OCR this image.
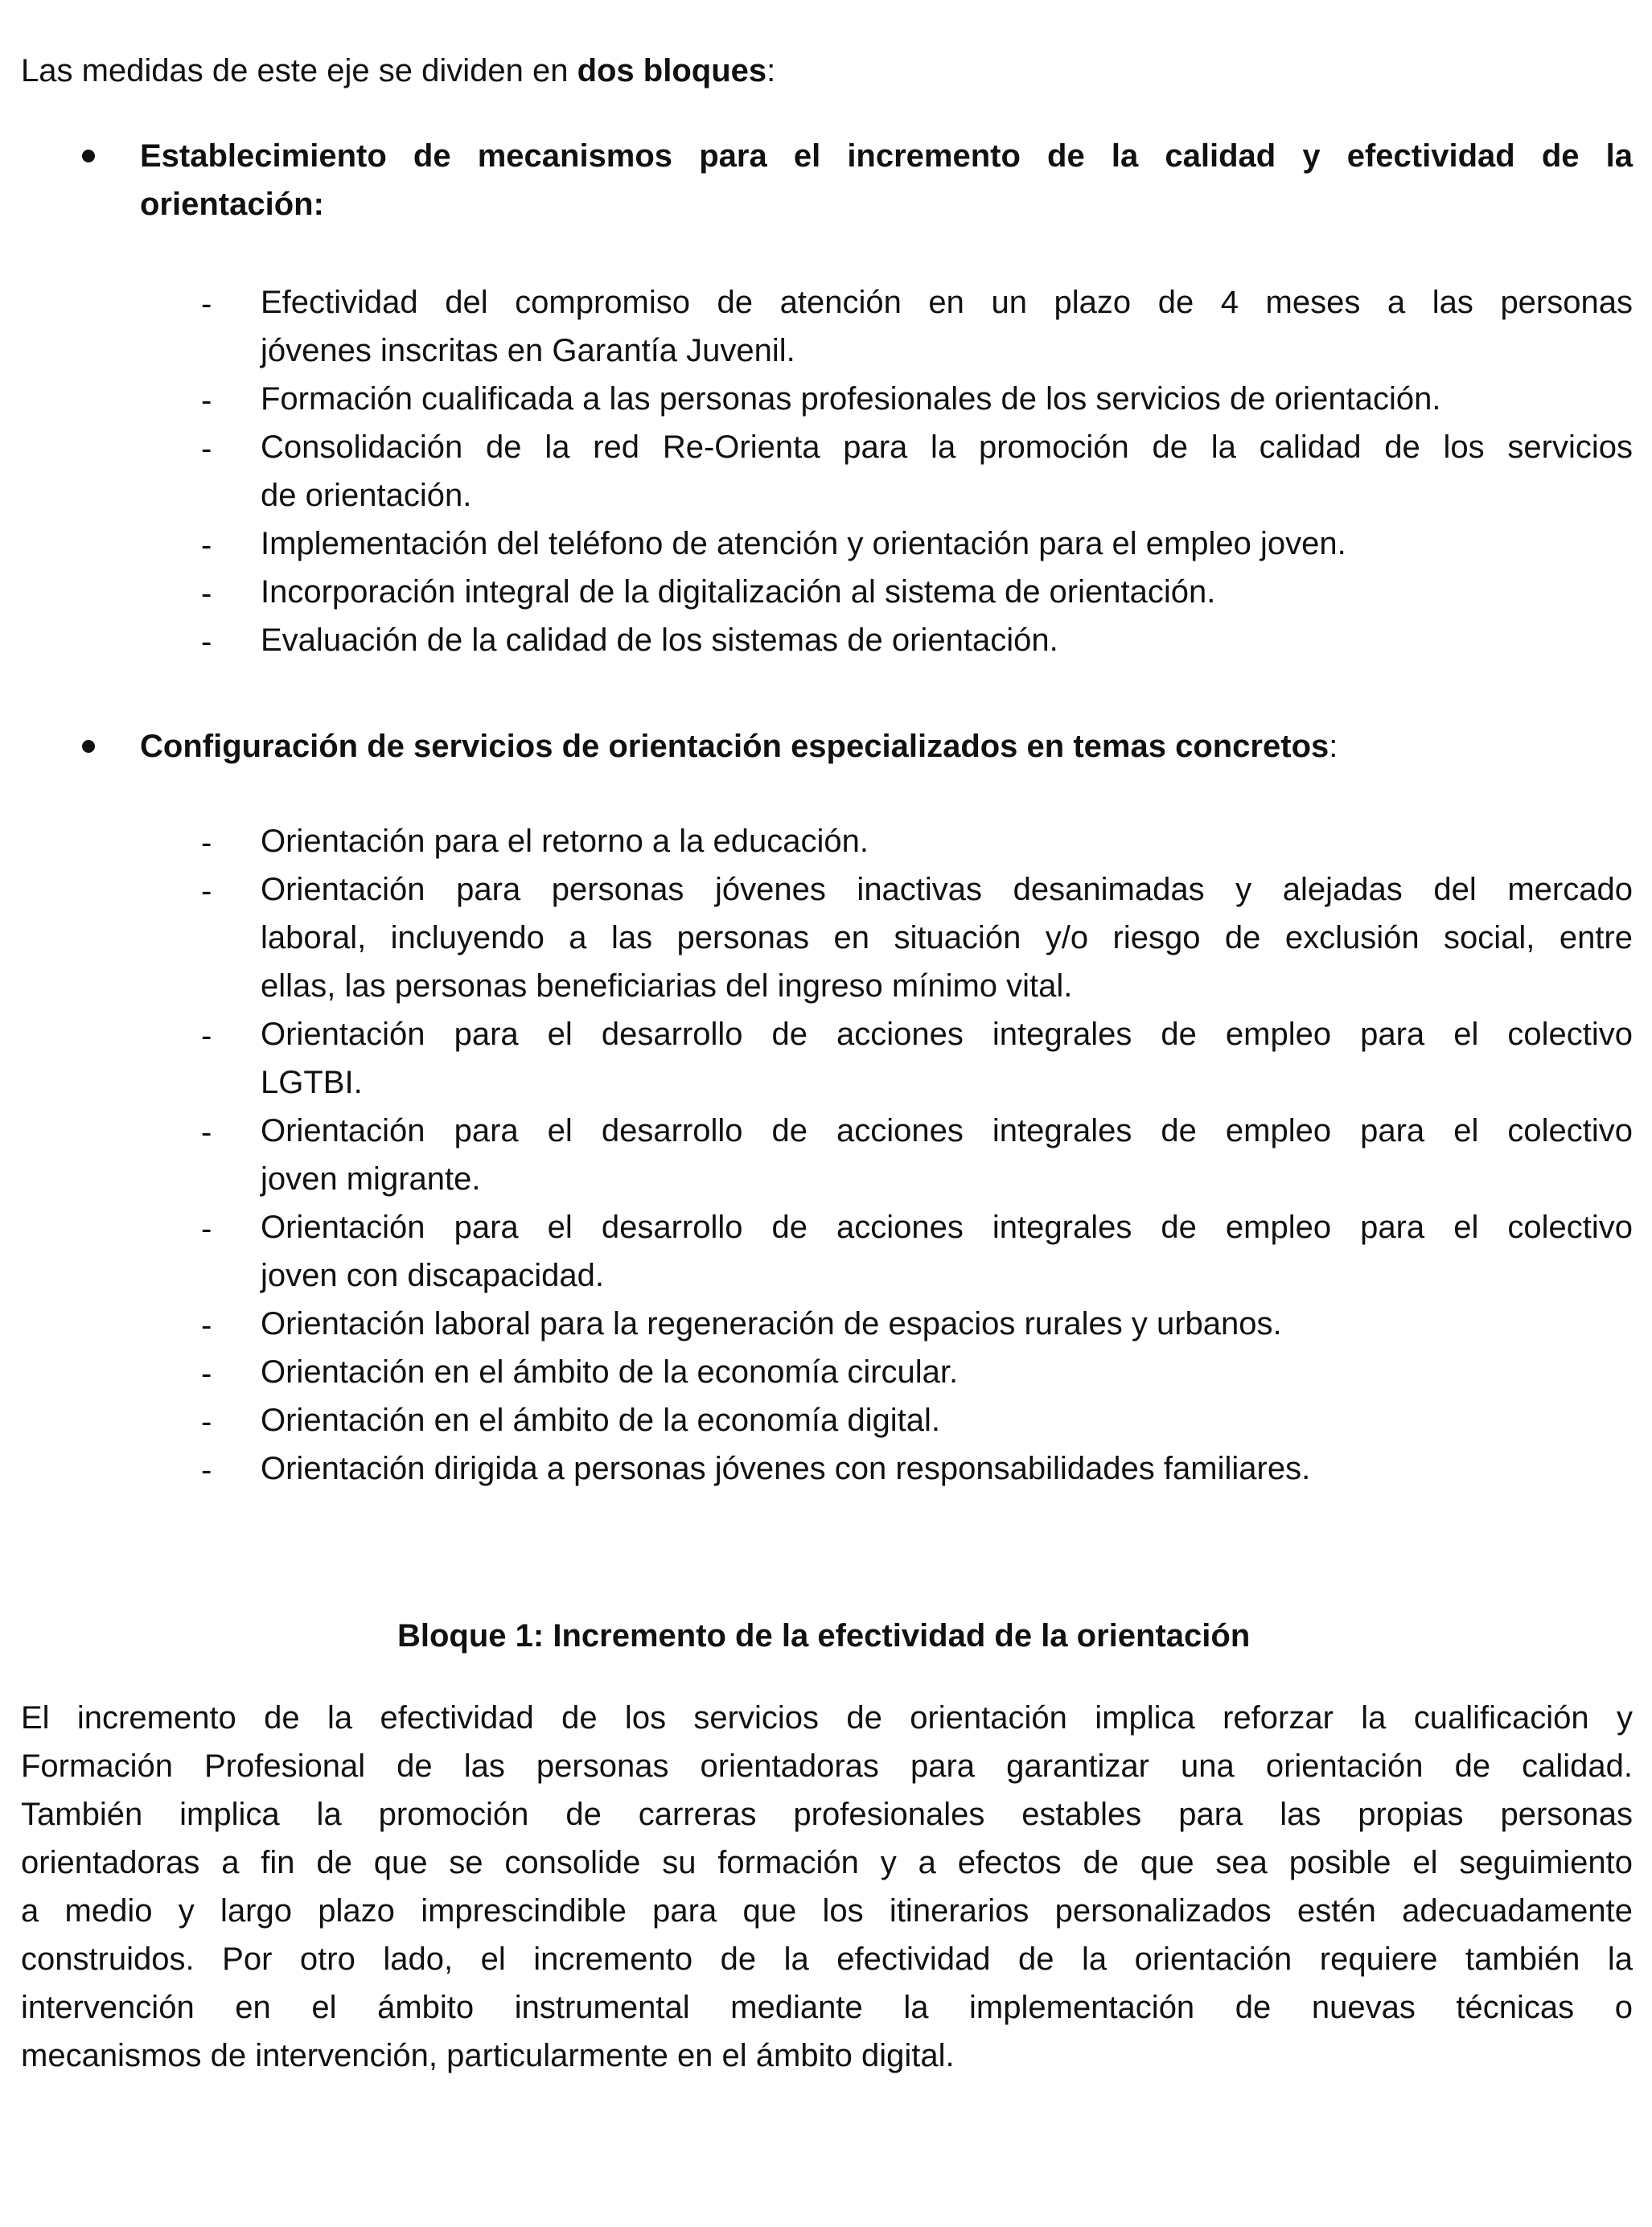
Las medidas de este eje se dividen en dos bloques:
Establecimiento de mecanismos para el incremento de la calidad y efectividad de la
orientación:
- Efectividad del compromiso de atención en un plazo de 4 meses a las personas
jóvenes inscritas en Garantía Juvenil.
- Formación cualificada a las personas profesionales de los servicios de orientación.
- Consolidación de la red Re-Orienta para la promoción de la calidad de los servicios
de orientación.
- Implementación del teléfono de atención y orientación para el empleo joven.
- Incorporación integral de la digitalización al sistema de orientación.
- Evaluación de la calidad de los sistemas de orientación.
Configuración de servicios de orientación especializados en temas concretos:
- Orientación para el retorno a la educación.
- Orientación para personas jóvenes inactivas desanimadas y alejadas del mercado
laboral, incluyendo a las personas en situación y/o riesgo de exclusión social, entre
ellas, las personas beneficiarias del ingreso mínimo vital.
- Orientación para el desarrollo de acciones integrales de empleo para el colectivo
LGTBI.
- Orientación para el desarrollo de acciones integrales de empleo para el colectivo
joven migrante.
- Orientación para el desarrollo de acciones integrales de empleo para el colectivo
joven con discapacidad.
- Orientación laboral para la regeneración de espacios rurales y urbanos.
- Orientación en el ámbito de la economía circular.
- Orientación en el ámbito de la economía digital.
- Orientación dirigida a personas jóvenes con responsabilidades familiares.
Bloque 1: Incremento de la efectividad de la orientación
El incremento de la efectividad de los servicios de orientación implica reforzar la cualificación y
Formación Profesional de las personas orientadoras para garantizar una orientación de calidad.
También implica la promoción de carreras profesionales estables para las propias personas
orientadoras a fin de que se consolide su formación y a efectos de que sea posible el seguimiento
a medio y largo plazo imprescindible para que los itinerarios personalizados estén adecuadamente
construidos. Por otro lado, el incremento de la efectividad de la orientación requiere también la
intervención en el ámbito instrumental mediante la implementación de nuevas técnicas o
mecanismos de intervención, particularmente en el ámbito digital.
